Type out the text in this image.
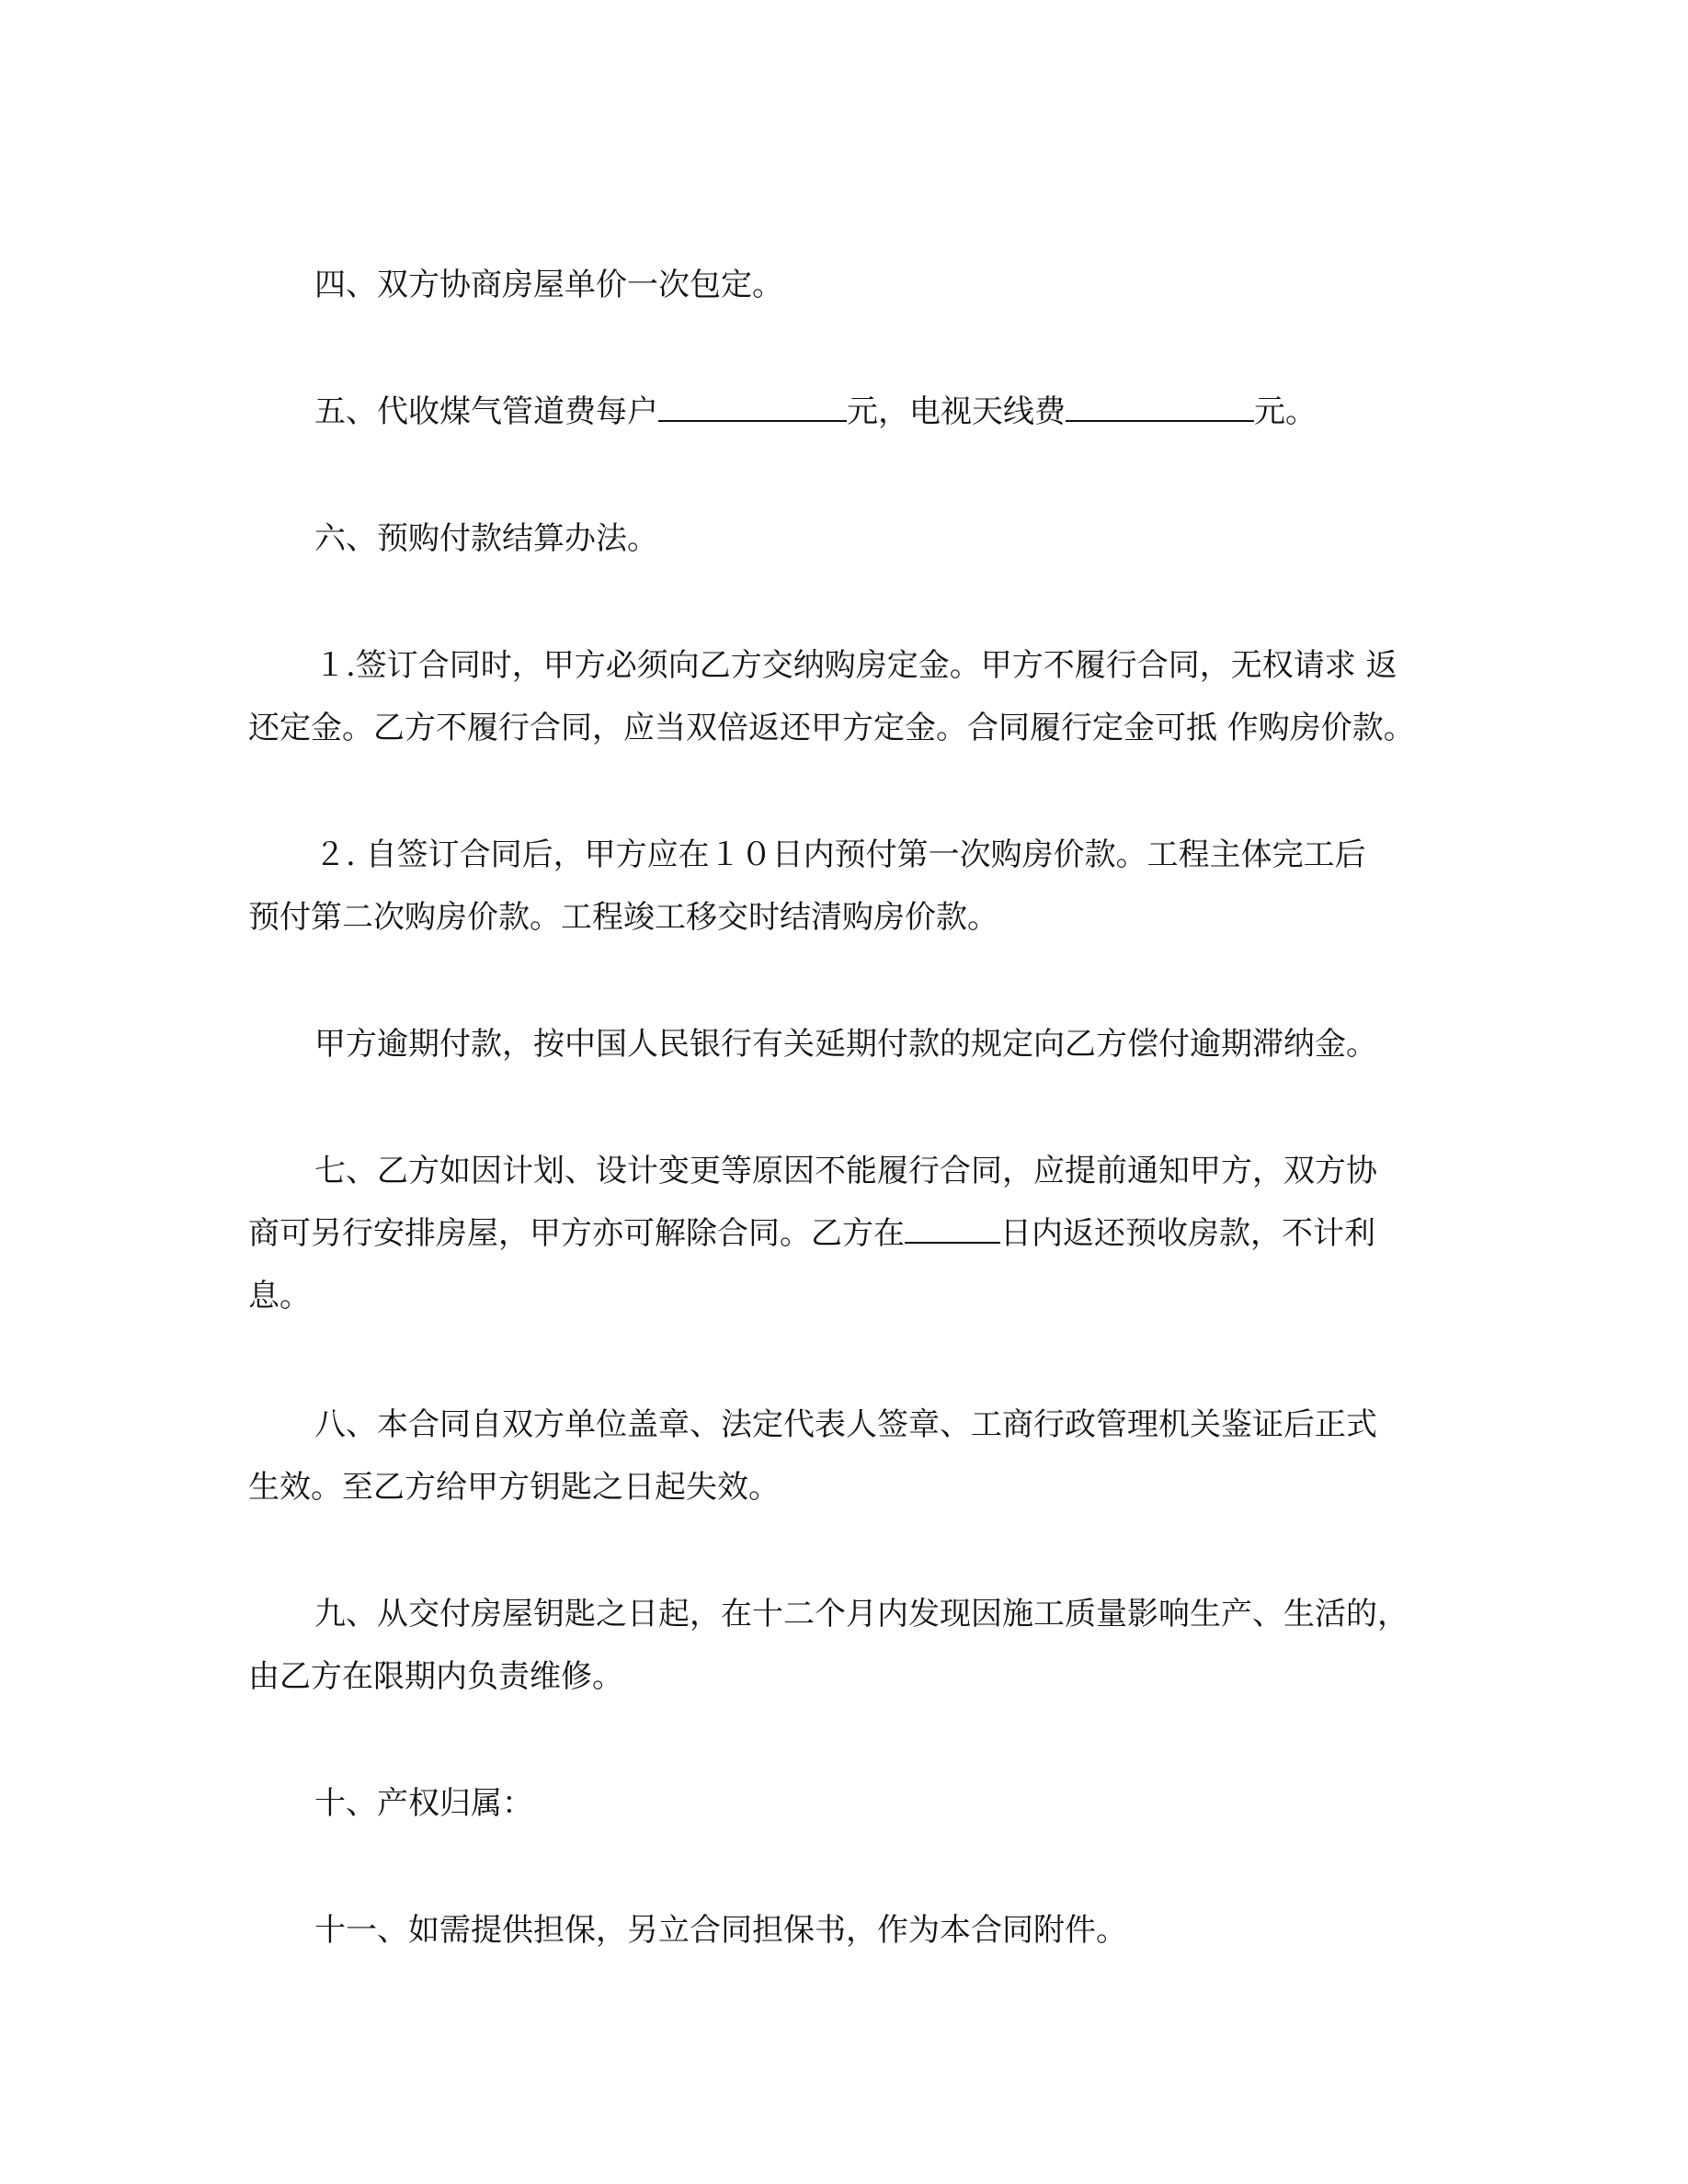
四、双方协商房屋单价一次包定。
五、代收煤气管道费每户	元，电视天线费	元。
六、预购付款结算办法。
１.签订合同时，甲方必须向乙方交纳购房定金。甲方不履行合同，无权请求 返
还定金。乙方不履行合同，应当双倍返还甲方定金。合同履行定金可抵 作购房价款。
２. 自签订合同后，甲方应在１０日内预付第一次购房价款。工程主体完工后
预付第二次购房价款。工程竣工移交时结清购房价款。
甲方逾期付款，按中国人民银行有关延期付款的规定向乙方偿付逾期滞纳金。
七、乙方如因计划、设计变更等原因不能履行合同，应提前通知甲方，双方协
商可另行安排房屋，甲方亦可解除合同。乙方在	日内返还预收房款，不计利
息。
八、本合同自双方单位盖章、法定代表人签章、工商行政管理机关鉴证后正式
生效。至乙方给甲方钥匙之日起失效。
九、从交付房屋钥匙之日起，在十二个月内发现因施工质量影响生产、生活的，
由乙方在限期内负责维修。
十、产权归属：
十一、如需提供担保，另立合同担保书，作为本合同附件。
